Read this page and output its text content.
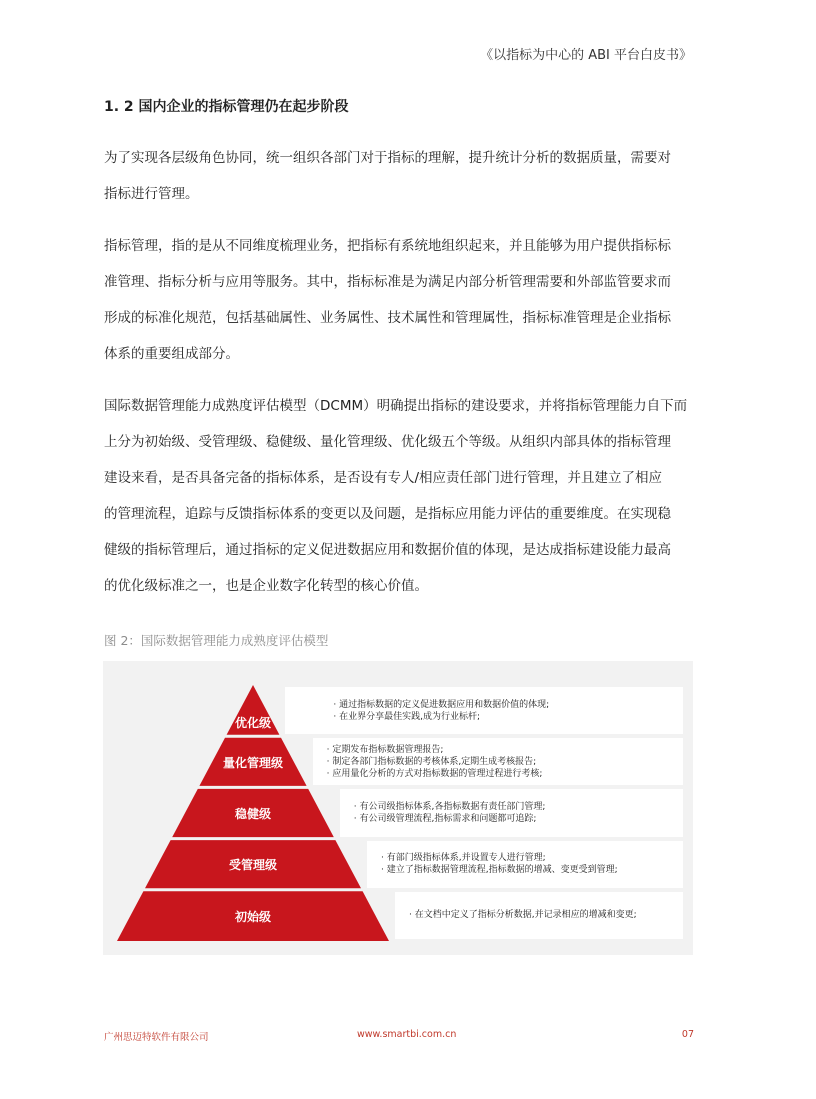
《以指标为中心的 ABI 平台白皮书》
1. 2 国内企业的指标管理仍在起步阶段
为了实现各层级角色协同，统一组织各部门对于指标的理解，提升统计分析的数据质量，需要对
指标进行管理。
指标管理，指的是从不同维度梳理业务，把指标有系统地组织起来，并且能够为用户提供指标标
准管理、指标分析与应用等服务。其中，指标标准是为满足内部分析管理需要和外部监管要求而
形成的标准化规范，包括基础属性、业务属性、技术属性和管理属性，指标标准管理是企业指标
体系的重要组成部分。
国际数据管理能力成熟度评估模型（DCMM）明确提出指标的建设要求，并将指标管理能力自下而
上分为初始级、受管理级、稳健级、量化管理级、优化级五个等级。从组织内部具体的指标管理
建设来看，是否具备完备的指标体系，是否设有专人/相应责任部门进行管理，并且建立了相应
的管理流程，追踪与反馈指标体系的变更以及问题，是指标应用能力评估的重要维度。在实现稳
健级的指标管理后，通过指标的定义促进数据应用和数据价值的体现，是达成指标建设能力最高
的优化级标准之一，也是企业数字化转型的核心价值。
图 2：国际数据管理能力成熟度评估模型
优化级
· 通过指标数据的定义促进数据应用和数据价值的体现;
· 在业界分享最佳实践,成为行业标杆;
量化管理级
· 定期发布指标数据管理报告;
· 制定各部门指标数据的考核体系,定期生成考核报告;
· 应用量化分析的方式对指标数据的管理过程进行考核;
稳健级
· 有公司级指标体系,各指标数据有责任部门管理;
· 有公司级管理流程,指标需求和问题都可追踪;
受管理级	· 有部门级指标体系,并设置专人进行管理;
· 建立了指标数据管理流程,指标数据的增减、变更受到管理;
初始级	· 在文档中定义了指标分析数据,并记录相应的增减和变更;
广州思迈特软件有限公司	www.smartbi.com.cn	07
